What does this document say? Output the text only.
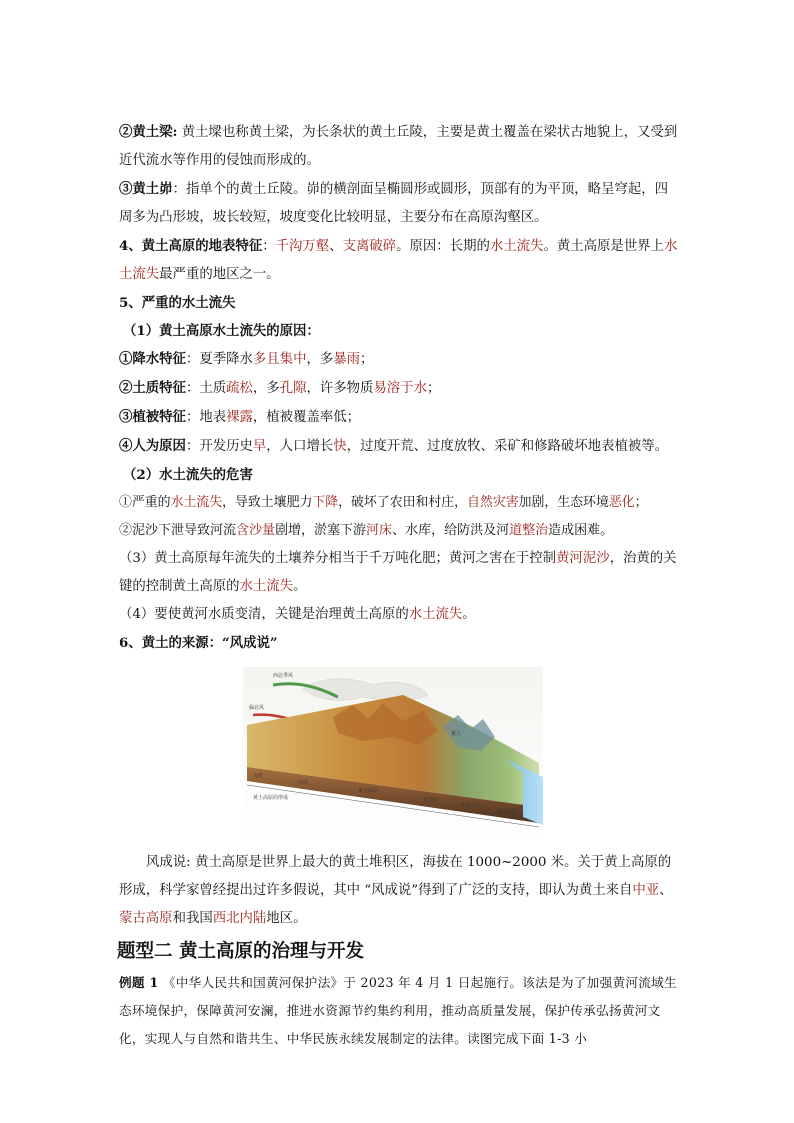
②黄土梁: 黄土墚也称黄土梁，为长条状的黄土丘陵，主要是黄土覆盖在梁状古地貌上，又受到近代流水等作用的侵蚀而形成的。

③黄土峁：指单个的黄土丘陵。峁的横剖面呈椭圆形或圆形，顶部有的为平顶，略呈穹起，四周多为凸形坡，坡长较短，坡度变化比较明显，主要分布在高原沟壑区。

4、黄土高原的地表特征：千沟万壑、支离破碎。原因：长期的水土流失。黄土高原是世界上水土流失最严重的地区之一。

5、严重的水土流失

（1）黄土高原水土流失的原因：

①降水特征：夏季降水多且集中，多暴雨；

②土质特征：土质疏松，多孔隙，许多物质易溶于水；

③植被特征：地表裸露，植被覆盖率低；

④人为原因：开发历史早，人口增长快，过度开荒、过度放牧、采矿和修路破坏地表植被等。

（2）水土流失的危害

①严重的水土流失，导致土壤肥力下降，破坏了农田和村庄，自然灾害加剧，生态环境恶化；

②泥沙下泄导致河流含沙量剧增，淤塞下游河床、水库，给防洪及河道整治造成困难。

（3）黄土高原每年流失的土壤养分相当于千万吨化肥；黄河之害在于控制黄河泥沙，治黄的关键的控制黄土高原的水土流失。

（4）要使黄河水质变清，关键是治理黄土高原的水土流失。

6、黄土的来源：“风成说”

西北季风
偏北风
黄土
戈壁
沙漠
黄土高原
太行山
华北平原
黄海东海
黄土高原的形成

风成说: 黄土高原是世界上最大的黄土堆积区，海拔在 1000~2000 米。关于黄上高原的形成，科学家曾经提出过许多假说，其中 “风成说”得到了广泛的支持，即认为黄土来自中亚、蒙古高原和我国西北内陆地区。

题型二 黄土高原的治理与开发

例题 1 《中华人民共和国黄河保护法》于 2023 年 4 月 1 日起施行。该法是为了加强黄河流域生态环境保护，保障黄河安澜，推进水资源节约集约利用，推动高质量发展，保护传承弘扬黄河文化，实现人与自然和谐共生、中华民族永续发展制定的法律。读图完成下面 1-3 小
